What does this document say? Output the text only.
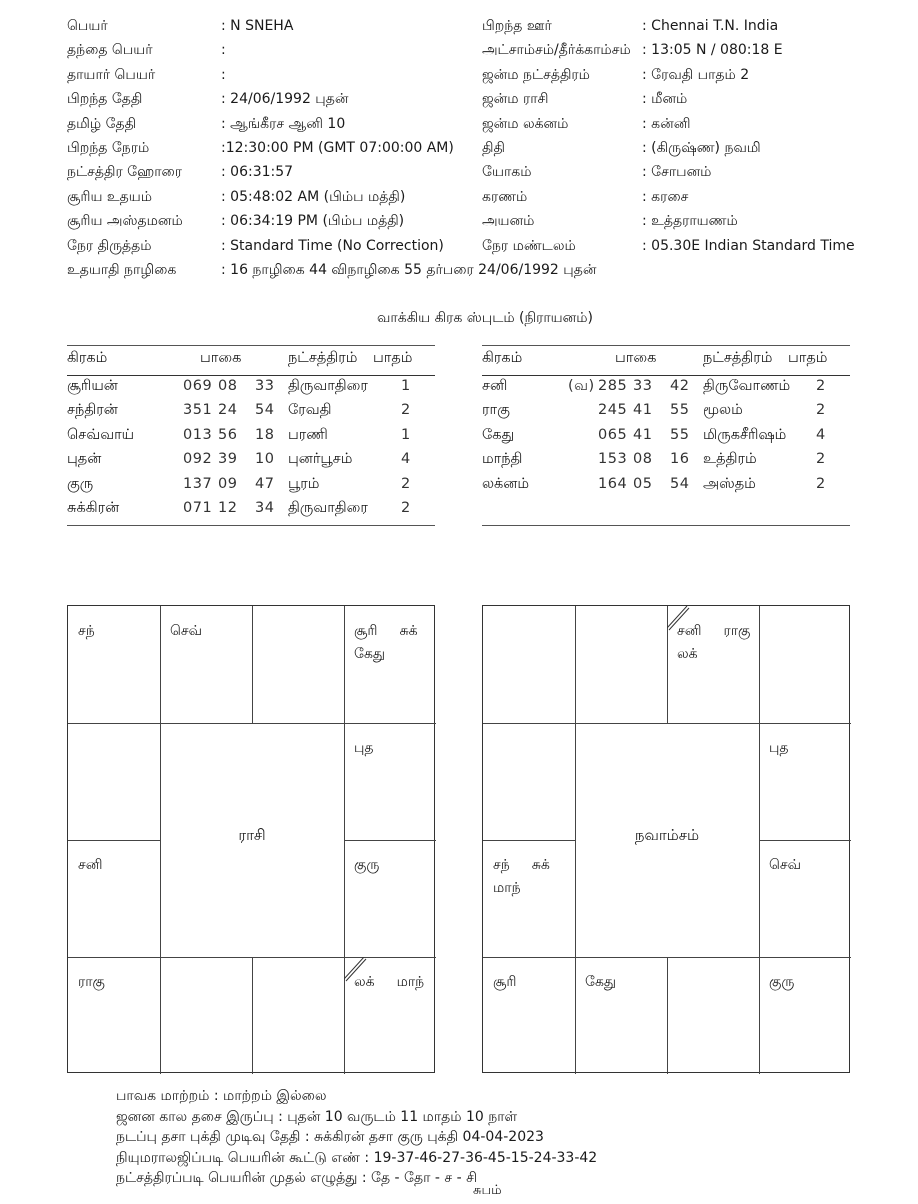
பெயர்	: N SNEHA
தந்தை பெயர்	:
தாயார் பெயர்	:
பிறந்த தேதி	: 24/06/1992 புதன்
தமிழ் தேதி	: ஆங்கீரச ஆனி 10
பிறந்த நேரம்	:12:30:00 PM (GMT 07:00:00 AM)
நட்சத்திர ஹோரை	: 06:31:57
சூரிய உதயம்	: 05:48:02 AM (பிம்ப மத்தி)
சூரிய அஸ்தமனம்	: 06:34:19 PM (பிம்ப மத்தி)
நேர திருத்தம்	: Standard Time (No Correction)
உதயாதி நாழிகை	: 16 நாழிகை 44 விநாழிகை 55 தர்பரை 24/06/1992 புதன்
பிறந்த ஊர்	: Chennai T.N. India
அட்சாம்சம்/தீர்க்காம்சம் : 13:05 N / 080:18 E
ஜன்ம நட்சத்திரம்	: ரேவதி பாதம் 2
ஜன்ம ராசி	: மீனம்
ஜன்ம லக்னம்	: கன்னி
திதி	: (கிருஷ்ண) நவமி
யோகம்	: சோபனம்
கரணம்	: கரசை
அயனம்	: உத்தராயணம்
நேர மண்டலம்	: 05.30E Indian Standard Time
வாக்கிய கிரக ஸ்புடம் (நிராயனம்)
கிரகம்	பாகை	நட்சத்திரம் பாதம்
சூரியன்	069 08 33 திருவாதிரை 1
சந்திரன்	351 24 54 ரேவதி	2
செவ்வாய்	013 56 18 பரணி	1
புதன்	092 39 10 புனர்பூசம்	4
குரு	137 09 47 பூரம்	2
சுக்கிரன்	071 12 34 திருவாதிரை 2
கிரகம்	பாகை	நட்சத்திரம் பாதம்
சனி	(வ) 285 33 42 திருவோணம் 2
ராகு	245 41 55 மூலம்	2
கேது	065 41 55 மிருகசீரிஷம் 4
மாந்தி	153 08 16 உத்திரம்	2
லக்னம்	164 05 54 அஸ்தம்	2
சந்	செவ்	சூரி சுக்
கேது
புத
சனி	குரு
ராகு	லக் மாந்
ராசி
சனி ராகு
லக்
புத
சந் சுக்
மாந்
செவ்
சூரி	கேது	குரு
நவாம்சம்
பாவக மாற்றம் : மாற்றம் இல்லை
ஜனன கால தசை இருப்பு : புதன் 10 வருடம் 11 மாதம் 10 நாள்
நடப்பு தசா புக்தி முடிவு தேதி : சுக்கிரன் தசா குரு புக்தி 04-04-2023
நியுமராலஜிப்படி பெயரின் கூட்டு எண் : 19-37-46-27-36-45-15-24-33-42
நட்சத்திரப்படி பெயரின் முதல் எழுத்து : தே - தோ - ச - சி
சுபம்
